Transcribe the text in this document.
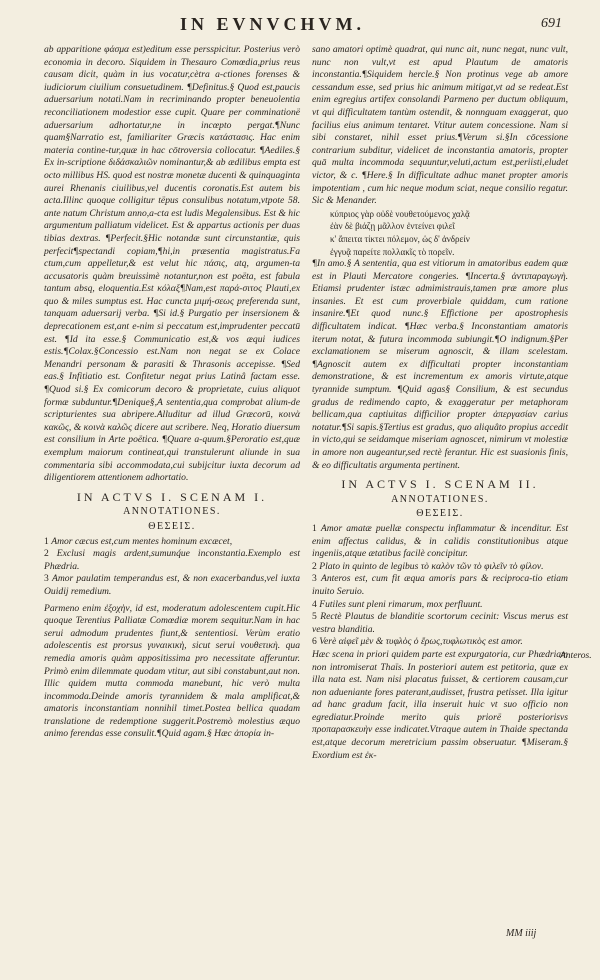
IN EVNVCHVM.	691

ab apparitione φάσμα est)editum esse persspicitur. Posterius verò economia in decoro. Siquidem in Thesauro Comœdia,prius reus causam dicit, quàm in ius vocatur,cètra a-ctiones forenses & iudiciorum ciuilium consuetudinem. ¶Definitus.§ Quod est,paucis aduersarium notati.Nam in recriminando propter beneuolentia reconciliationem modestior esse cupit. Quare per comminationë aduersarium adhortatur,ne in incœpto pergat.¶Nunc quam§Narratio est, familiariter Græcis κατάστασις. Hac enim materia contine-tur,quæ in hac cōtroversia collocatur. ¶Aediles.§ Ex in-scriptione διδάσκαλιῶν nominantur,& ab ædilibus empta est octo millibus HS. quod est nostræ monetæ ducenti & quinquaginta aurei Rhenanis ciuilibus,vel ducentis coronatis.Est autem bis acta.Illinc quoque colligitur tëpus consulibus notatum,vtpote 58. ante natum Christum anno,a-cta est ludis Megalensibus. Est & hic argumentum palliatum videlicet. Est & appartus actionis per duas tibias dextras. ¶Perfecit.§Hic notandæ sunt circunstantiæ, quis perfecit¶spectandi copiam,¶hi,in præsentia magistratus.Fa ctum,cum appelletur,& est velut hic πάσις, atq, argumen-ta accusatoris quàm breuissimè notantur,non est poëta, est fabula tantum absq, eloquentia.Est κόλαξ¶Nam,est παρά-σιτος Plauti,ex quo & miles sumptus est. Hac cuncta μιμή-σεως preferenda sunt, tanquam aduersarij verba. ¶Si id.§ Purgatio per insersionem & deprecationem est,ant e-nim si peccatum est,imprudenter peccatū est. ¶Id ita esse.§ Communicatio est,& vos æqui iudices estis.¶Colax.§Concessio est.Nam non negat se ex Colace Menandri personam & parasiti & Thrasonis accepisse. ¶Sed eas.§ Infitiatio est. Confitetur negat prius Latinâ factam esse. ¶Quod si.§ Ex comicorum decoro & proprietate, cuius aliquot formæ subduntur.¶Denique§,A sententia,qua comprobat alium-de scripturientes sua abripere.Alluditur ad illud Græcorū, κοινὰ κακῶς, & κοινὰ καλῶς dicere aut scribere. Neq, Horatio diuersum est consilium in Arte poëtica. ¶Quare a-quum.§Peroratio est,quæ exemplum maiorum contineat,qui transtulerunt aliunde in sua commentaria sibi accommodata,cui subijcitur iuxta decorum ad diligentiorem attentionem adhortatio.

IN ACTVS I. SCENAM I.
ANNOTATIONES.
ΘΕΣΕΙΣ.

1 Amor cæcus est,cum mentes hominum excæcet,

2 Exclusi magis ardent,sumunq́ue inconstantia.Exemplo est Phædria.

3 Amor paulatim temperandus est, & non exacerbandus,vel iuxta Ouidij remedium.

Parmeno enim ἐξοχὴν, id est, moderatum adolescentem cupit.Hic quoque Terentius Palliatæ Comœdiæ morem sequitur.Nam in hac serui admodum prudentes fiunt,& sententiosi. Verùm eratio adolescentis est prorsus γυναικικὴ, sicut serui νουθετικὴ. qua remedia amoris quàm appositissima pro necessitate afferuntur. Primò enim dilemmate quodam vtitur, aut sibi constabunt,aut non. Illic quidem mutta commoda manebunt, hic verò multa incommoda.Deinde amoris tyrannidem & mala amplificat,& amatoris inconstantiam nonnihil timet.Postea bellica quadam translatione de redemptione suggerit.Postremò molestius æquo animo ferendas esse consulit.¶Quid agam.§ Hæc ἀπορία in-

sano amatori optimè quadrat, qui nunc ait, nunc negat, nunc vult, nunc non vult,vt est apud Plautum de amatoris inconstantia.¶Siquidem hercle.§ Non protinus vege ab amore cessandum esse, sed prius hic animum mitigat,vt ad se redeat.Est enim egregius artifex consolandi Parmeno per ductum obliquum, vt qui difficultatem tantùm ostendit, & nonnguam exaggerat, quo facilius eius animum tentaret. Vtitur autem concessione. Nam si sibi constaret, nihil esset prius.¶Verum si.§In cōcessione contrarium subditur, videlicet de inconstantia amatoris, propter quā multa incommoda sequuntur,veluti,actum est,periisti,eludet victor, & c. ¶Here.§ In difficultate adhuc manet propter amoris impotentiam , cum hic neque modum sciat, neque consilio regatur. Sic & Menander.

κύπριος γὰρ οὐδὲ νουθετούμενος χαλᾷ
ἐὰν δὲ βιάζῃ μᾶλλον ἐντείνει φιλεῖ
κ' ἄπειτα τίκτει πόλεμον, ὡς δ' ἀνδρείν
ἐγγυᾷ παρείτε πολλακῖς τὸ πορεῖν.

¶In amo.§ A sententia, qua est vitiorum in amatoribus eadem quæ est in Plauti Mercatore congeries. ¶Incerta.§ ἀντιπαραγωγὴ. Etiamsi prudenter istæc admimistrauis,tamen præ amore plus insanies. Et est cum proverbiale quiddam, cum ratione insanire.¶Et quod nunc.§ Effictione per apostrophesis difficultatem indicat. ¶Hæc verba.§ Inconstantiam amatoris iterum notat, & futura incommoda subiungit.¶O indignum.§Per exclamationem se miserum agnoscit, & illam scelestam. ¶Agnoscit autem ex difficultati propter inconstantiam demonstratione, & est incrementum ex amoris virtute,atque tyrannide sumptum. ¶Quid agas§ Consilium, & est secundus gradus de redimendo capto, & exaggeratur per metaphoram bellicam,qua captiuitas difficilior propter ἀπεργασίαν carius notatur.¶Si sapis.§Tertius est gradus, quo aliquâto propius accedit in victo,qui se seidamque miseriam agnoscet, nimirum vt molestiæ in amore non augeantur,sed rectè ferantur. Hic est suasionis finis, & eo difficultatis argumenta pertinent.

IN ACTVS I. SCENAM II.
ANNOTATIONES.
ΘΕΣΕΙΣ.

1 Amor amatæ puellæ conspectu inflammatur & incenditur. Est enim affectus calidus, & in calidis constitutionibus atque ingeniis,atque ætatibus facilè concipitur.

2 Plato in quinto de legibus τὸ καλὸν τῶν τὸ φιλεῖν τὸ φίλον.

3 Anteros est, cum fit æqua amoris pars & reciproca-tio etiam inuito Seruio.

4 Futiles sunt pleni rimarum, mox perfluunt.

5 Rectè Plautus de blanditie scortorum cecinit: Viscus merus est vestra blanditia.

6 Verè αἰφεῖ μὲν & τυφλὸς ὁ ἔρως,τυφλωτικὸς est amor.

Hæc scena in priori quidem parte est expurgatoria, cur Phædriam non intromiserat Thaïs. In posteriori autem est petitoria, quæ ex illa nata est. Nam nisi placatus fuisset, & certiorem causam,cur non adueniante fores paterant,audisset, frustra petisset. Illa igitur ad hanc gradum facit, illa inseruit huic vt suo officio non egrediatur.Proinde merito quis priorë posteriorisvs προπαρασκευὴν esse indicatet.Vtraque autem in Thaide spectanda est,atque decorum meretricium passim obseruatur. ¶Miseram.§ Exordium est ἐκ-

Anteros.
MM iiij
